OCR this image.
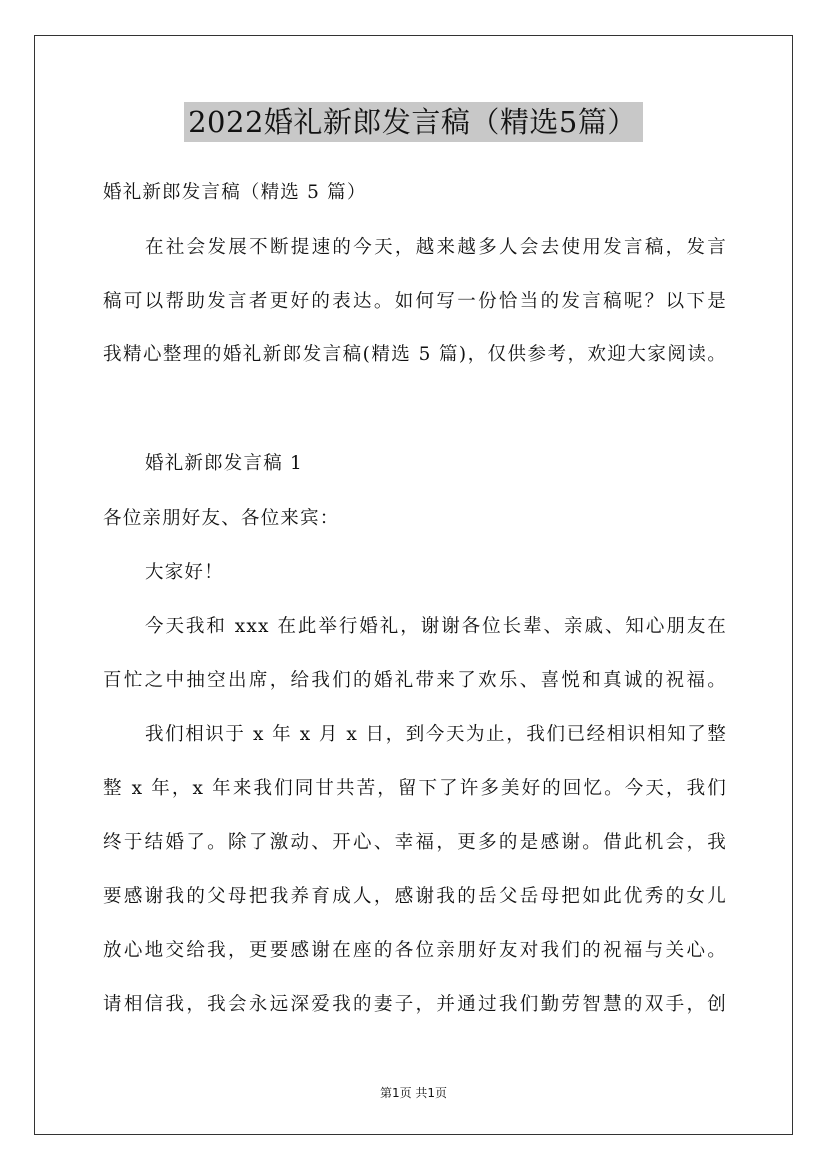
2022婚礼新郎发言稿（精选5篇）
婚礼新郎发言稿（精选 5 篇）
在社会发展不断提速的今天，越来越多人会去使用发言稿，发言
稿可以帮助发言者更好的表达。如何写一份恰当的发言稿呢？以下是
我精心整理的婚礼新郎发言稿(精选 5 篇)，仅供参考，欢迎大家阅读。
婚礼新郎发言稿 1
各位亲朋好友、各位来宾：
大家好！
今天我和 xxx 在此举行婚礼，谢谢各位长辈、亲戚、知心朋友在
百忙之中抽空出席，给我们的婚礼带来了欢乐、喜悦和真诚的祝福。
我们相识于 x 年 x 月 x 日，到今天为止，我们已经相识相知了整
整 x 年，x 年来我们同甘共苦，留下了许多美好的回忆。今天，我们
终于结婚了。除了激动、开心、幸福，更多的是感谢。借此机会，我
要感谢我的父母把我养育成人，感谢我的岳父岳母把如此优秀的女儿
放心地交给我，更要感谢在座的各位亲朋好友对我们的祝福与关心。
请相信我，我会永远深爱我的妻子，并通过我们勤劳智慧的双手，创
第1页 共1页
